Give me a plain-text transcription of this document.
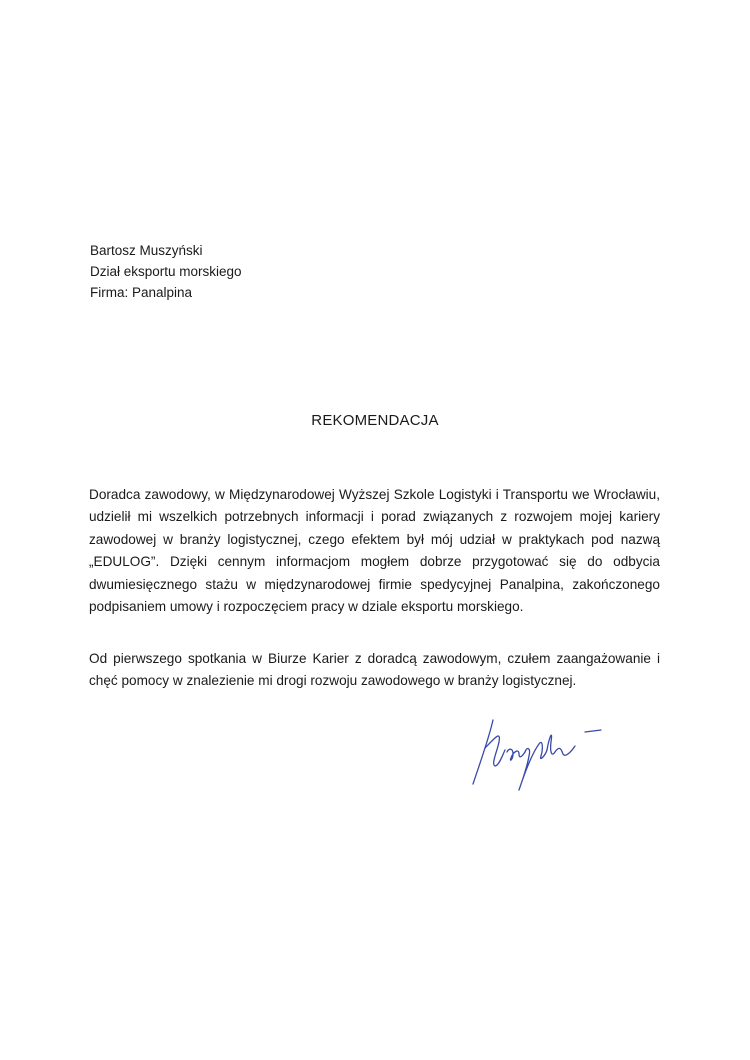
Bartosz Muszyński
Dział eksportu morskiego
Firma: Panalpina
REKOMENDACJA
Doradca zawodowy, w Międzynarodowej Wyższej Szkole Logistyki i Transportu we Wrocławiu, udzielił mi wszelkich potrzebnych informacji i porad związanych z rozwojem mojej kariery zawodowej w branży logistycznej, czego efektem był mój udział w praktykach pod nazwą „EDULOG”. Dzięki cennym informacjom mogłem dobrze przygotować się do odbycia dwumiesięcznego stażu w międzynarodowej firmie spedycyjnej Panalpina, zakończonego podpisaniem umowy i rozpoczęciem pracy w dziale eksportu morskiego.
Od pierwszego spotkania w Biurze Karier z doradcą zawodowym, czułem zaangażowanie i chęć pomocy w znalezienie mi drogi rozwoju zawodowego w branży logistycznej.
